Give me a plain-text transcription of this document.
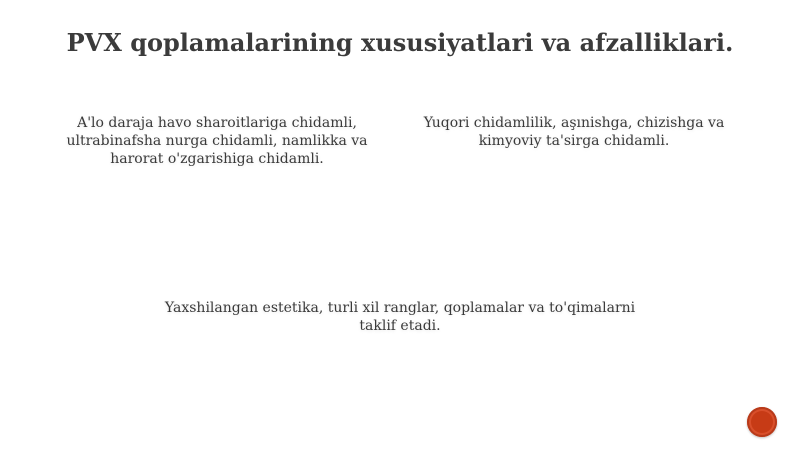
PVX qoplamalarining xususiyatlari va afzalliklari.

A'lo daraja havo sharoitlariga chidamli, ultrabinafsha nurga chidamli, namlikka va harorat o'zgarishiga chidamli.

Yuqori chidamlilik, aşınishga, chizishga va kimyoviy ta'sirga chidamli.

Yaxshilangan estetika, turli xil ranglar, qoplamalar va to'qimalarni taklif etadi.
